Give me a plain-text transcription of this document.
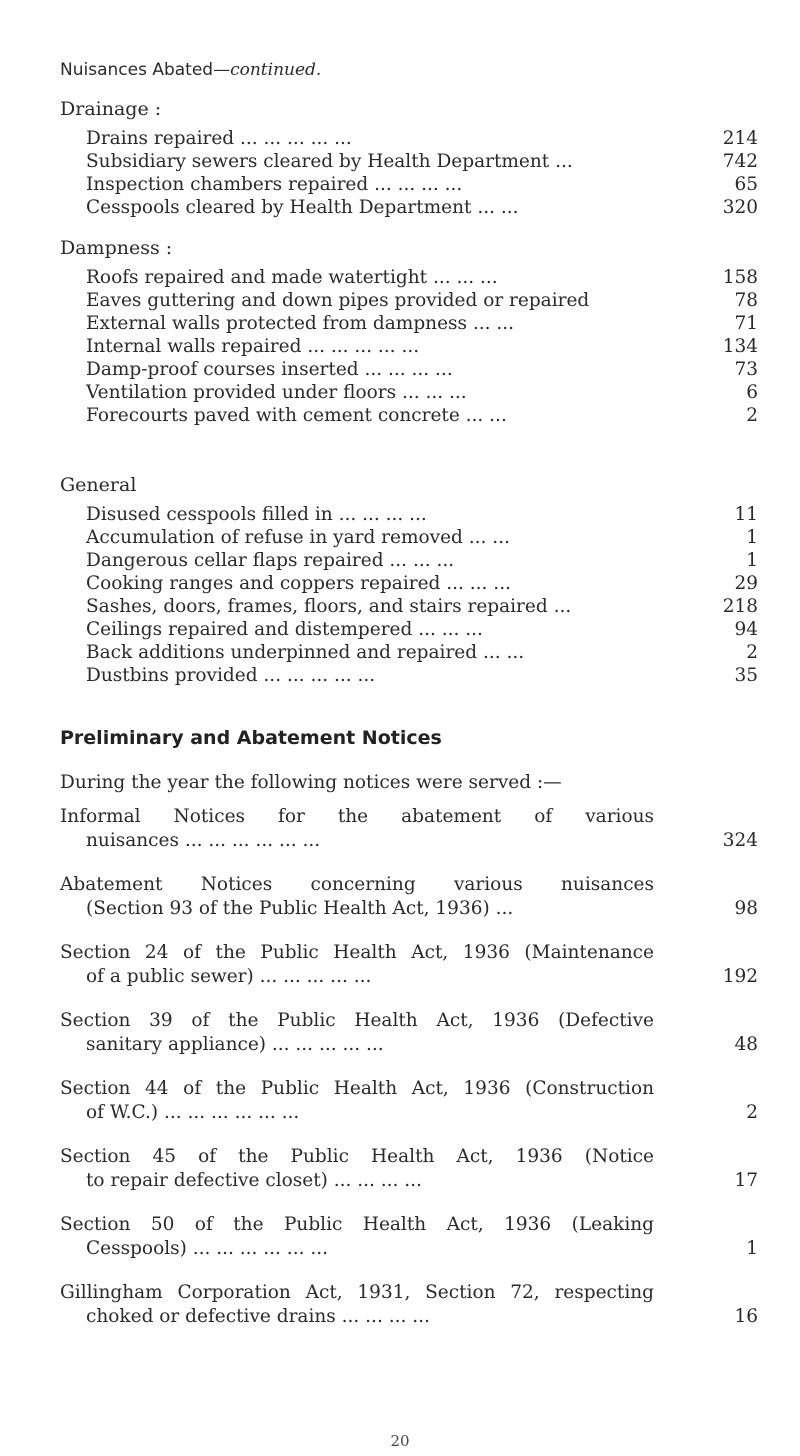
Nuisances Abated—continued.
Drainage :
Drains repaired ... ... ... ... ...	214
Subsidiary sewers cleared by Health Department ...	742
Inspection chambers repaired ... ... ... ...	65
Cesspools cleared by Health Department ... ...	320
Dampness :
Roofs repaired and made watertight ... ... ...	158
Eaves guttering and down pipes provided or repaired	78
External walls protected from dampness ... ...	71
Internal walls repaired ... ... ... ... ...	134
Damp-proof courses inserted ... ... ... ...	73
Ventilation provided under floors ... ... ...	6
Forecourts paved with cement concrete ... ...	2
General
Disused cesspools filled in ... ... ... ...	11
Accumulation of refuse in yard removed ... ...	1
Dangerous cellar flaps repaired ... ... ...	1
Cooking ranges and coppers repaired ... ... ...	29
Sashes, doors, frames, floors, and stairs repaired ...	218
Ceilings repaired and distempered ... ... ...	94
Back additions underpinned and repaired ... ...	2
Dustbins provided ... ... ... ... ...	35
Preliminary and Abatement Notices
During the year the following notices were served :—
Informal Notices for the abatement of various
nuisances ... ... ... ... ... ...	324
Abatement Notices concerning various nuisances
(Section 93 of the Public Health Act, 1936) ...	98
Section 24 of the Public Health Act, 1936 (Maintenance
of a public sewer) ... ... ... ... ...	192
Section 39 of the Public Health Act, 1936 (Defective
sanitary appliance) ... ... ... ... ...	48
Section 44 of the Public Health Act, 1936 (Construction
of W.C.) ... ... ... ... ... ...	2
Section 45 of the Public Health Act, 1936 (Notice
to repair defective closet) ... ... ... ...	17
Section 50 of the Public Health Act, 1936 (Leaking
Cesspools) ... ... ... ... ... ...	1
Gillingham Corporation Act, 1931, Section 72, respecting
choked or defective drains ... ... ... ...	16
20
